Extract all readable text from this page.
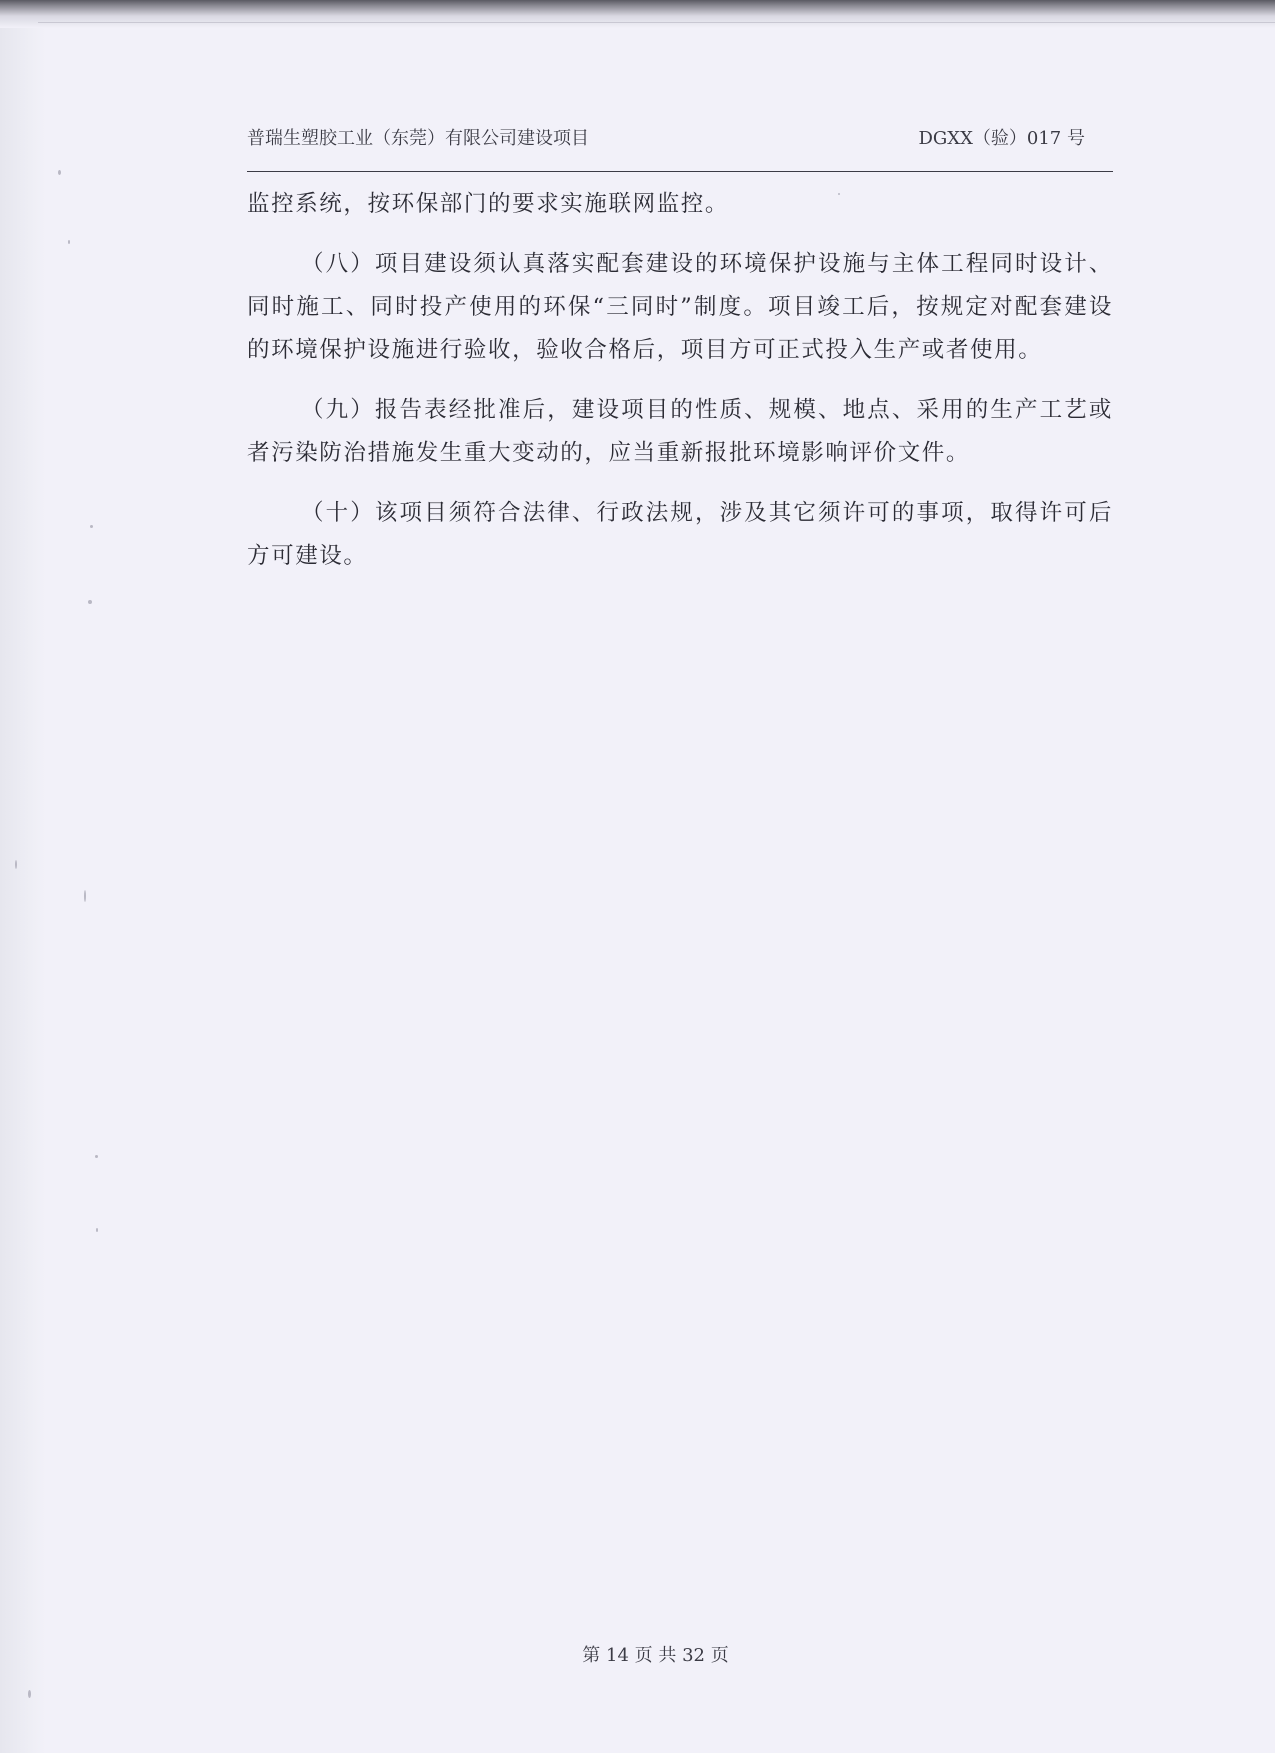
普瑞生塑胶工业（东莞）有限公司建设项目	DGXX（验）017 号

监控系统，按环保部门的要求实施联网监控。

（八）项目建设须认真落实配套建设的环境保护设施与主体工程同时设计、同时施工、同时投产使用的环保“三同时”制度。项目竣工后，按规定对配套建设的环境保护设施进行验收，验收合格后，项目方可正式投入生产或者使用。

（九）报告表经批准后，建设项目的性质、规模、地点、采用的生产工艺或者污染防治措施发生重大变动的，应当重新报批环境影响评价文件。

（十）该项目须符合法律、行政法规，涉及其它须许可的事项，取得许可后方可建设。

第 14 页 共 32 页
